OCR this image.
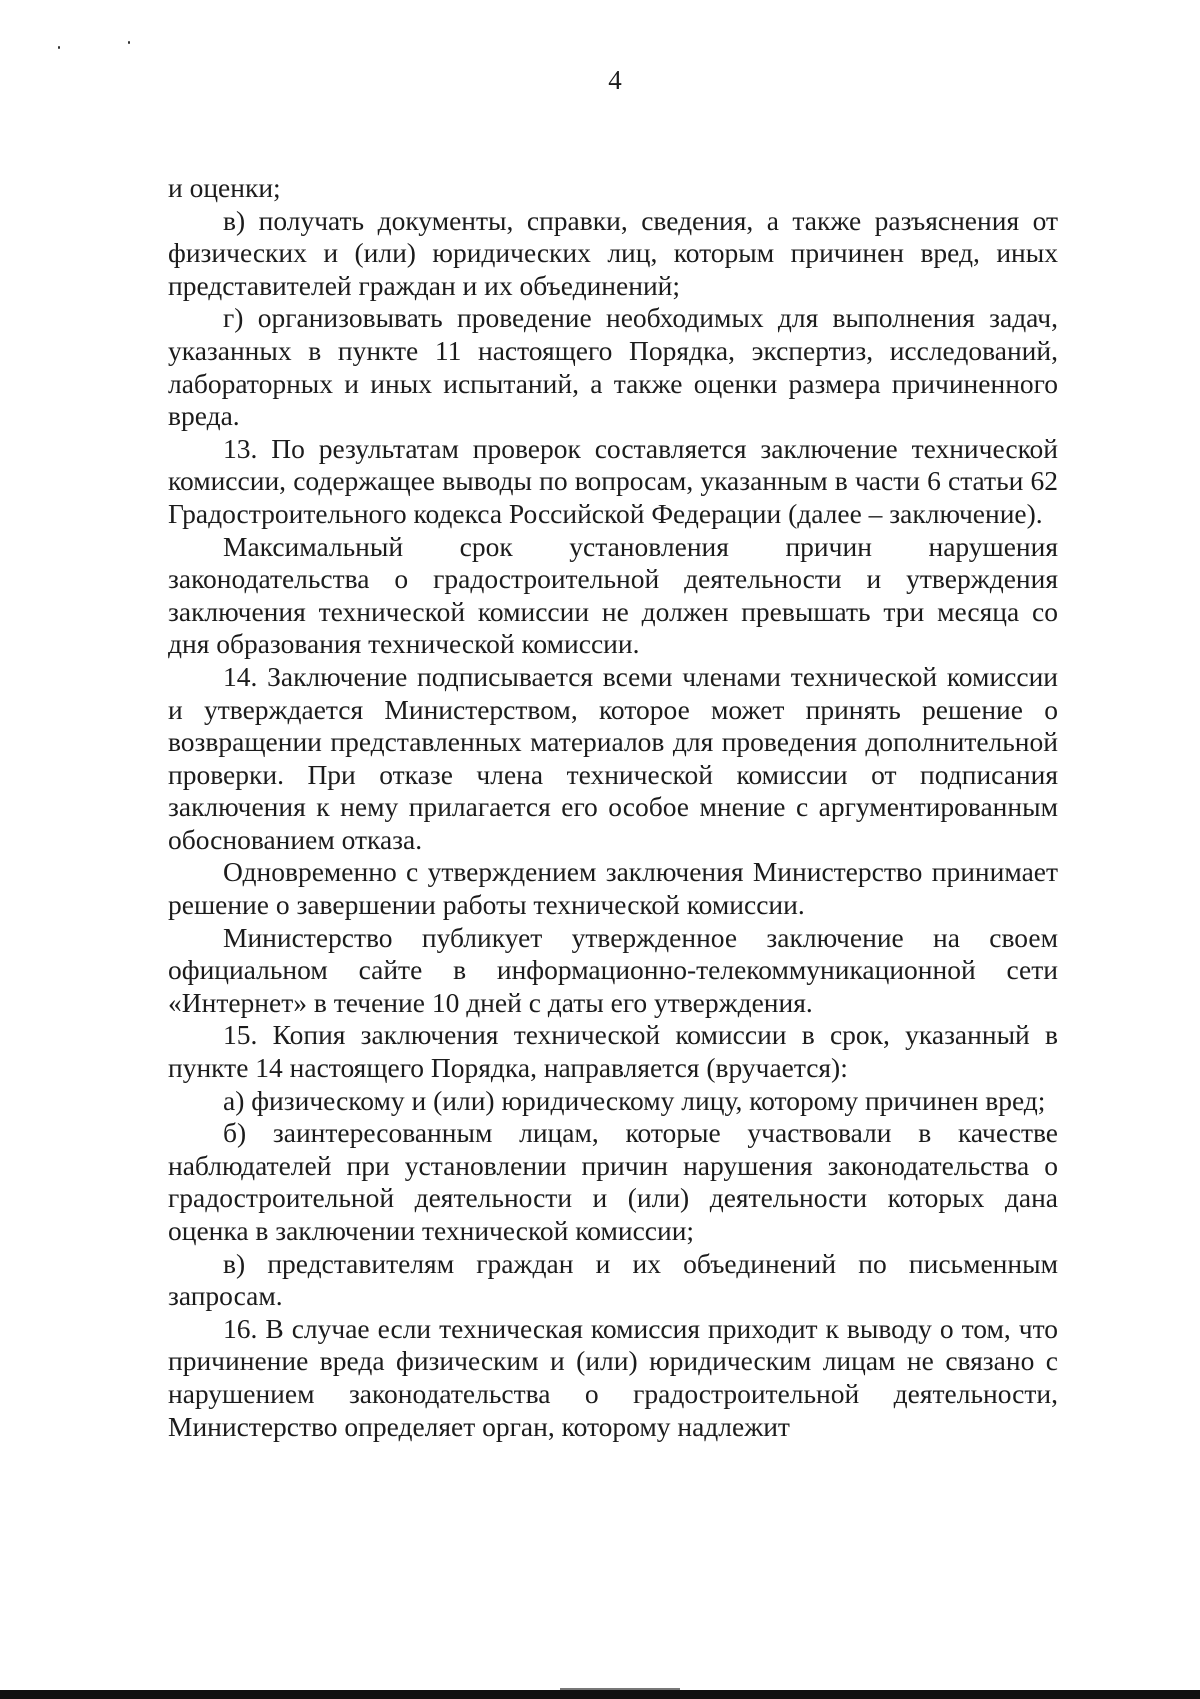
4

и оценки;

в) получать документы, справки, сведения, а также разъяснения от физических и (или) юридических лиц, которым причинен вред, иных представителей граждан и их объединений;

г) организовывать проведение необходимых для выполнения задач, указанных в пункте 11 настоящего Порядка, экспертиз, исследований, лабораторных и иных испытаний, а также оценки размера причиненного вреда.

13. По результатам проверок составляется заключение технической комиссии, содержащее выводы по вопросам, указанным в части 6 статьи 62 Градостроительного кодекса Российской Федерации (далее – заключение).

Максимальный срок установления причин нарушения законодательства о градостроительной деятельности и утверждения заключения технической комиссии не должен превышать три месяца со дня образования технической комиссии.

14. Заключение подписывается всеми членами технической комиссии и утверждается Министерством, которое может принять решение о возвращении представленных материалов для проведения дополнительной проверки. При отказе члена технической комиссии от подписания заключения к нему прилагается его особое мнение с аргументированным обоснованием отказа.

Одновременно с утверждением заключения Министерство принимает решение о завершении работы технической комиссии.

Министерство публикует утвержденное заключение на своем официальном сайте в информационно-телекоммуникационной сети «Интернет» в течение 10 дней с даты его утверждения.

15. Копия заключения технической комиссии в срок, указанный в пункте 14 настоящего Порядка, направляется (вручается):

а) физическому и (или) юридическому лицу, которому причинен вред;

б) заинтересованным лицам, которые участвовали в качестве наблюдателей при установлении причин нарушения законодательства о градостроительной деятельности и (или) деятельности которых дана оценка в заключении технической комиссии;

в) представителям граждан и их объединений по письменным запросам.

16. В случае если техническая комиссия приходит к выводу о том, что причинение вреда физическим и (или) юридическим лицам не связано с нарушением законодательства о градостроительной деятельности, Министерство определяет орган, которому надлежит
